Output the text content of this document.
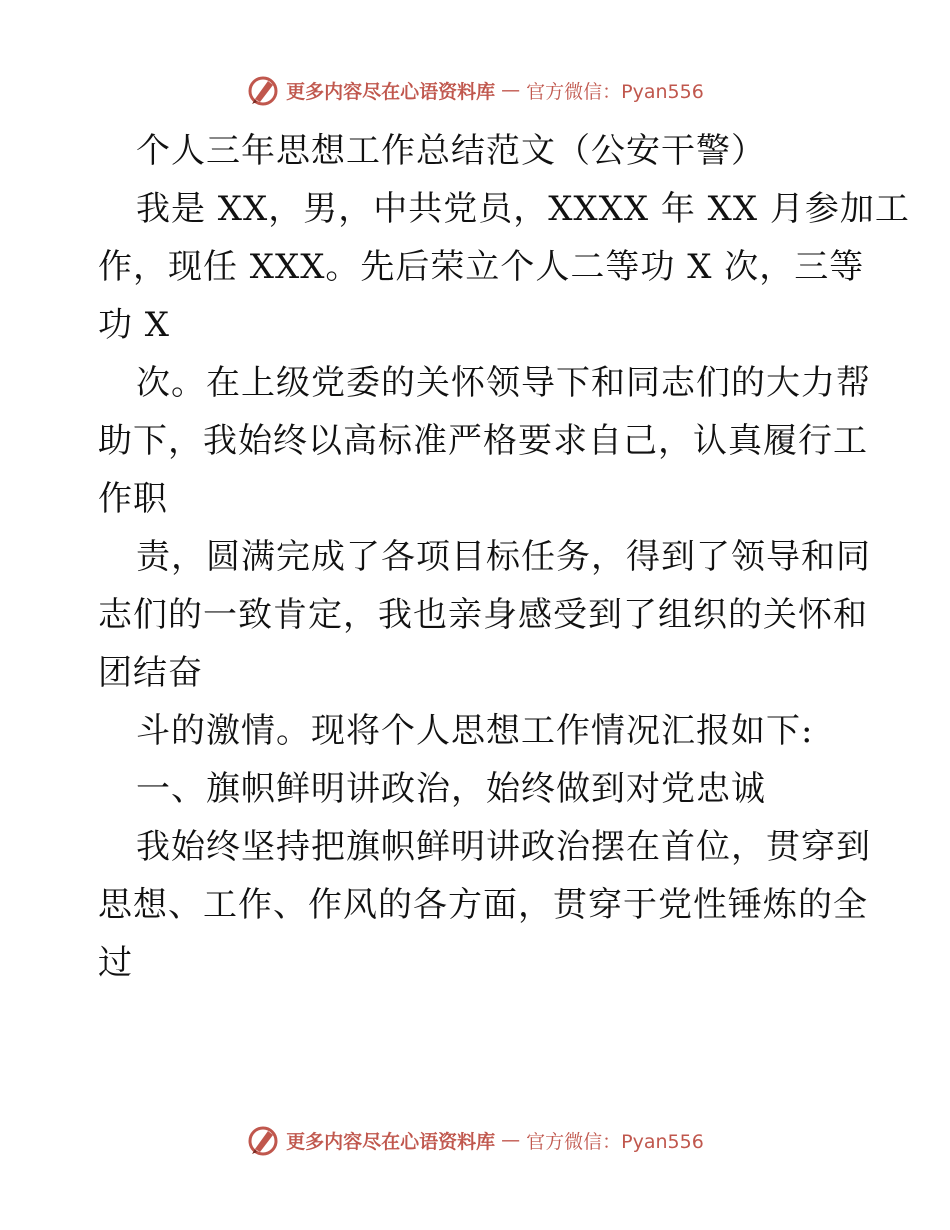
更多内容尽在心语资料库 — 官方微信：Pyan556
个人三年思想工作总结范文（公安干警）
我是 XX，男，中共党员，XXXX 年 XX 月参加工
作，现任 XXX。先后荣立个人二等功 X 次，三等
功 X
次。在上级党委的关怀领导下和同志们的大力帮
助下，我始终以高标准严格要求自己，认真履行工
作职
责，圆满完成了各项目标任务，得到了领导和同
志们的一致肯定，我也亲身感受到了组织的关怀和
团结奋
斗的激情。现将个人思想工作情况汇报如下:
一、旗帜鲜明讲政治，始终做到对党忠诚
我始终坚持把旗帜鲜明讲政治摆在首位，贯穿到
思想、工作、作风的各方面，贯穿于党性锤炼的全
过
更多内容尽在心语资料库 — 官方微信：Pyan556
